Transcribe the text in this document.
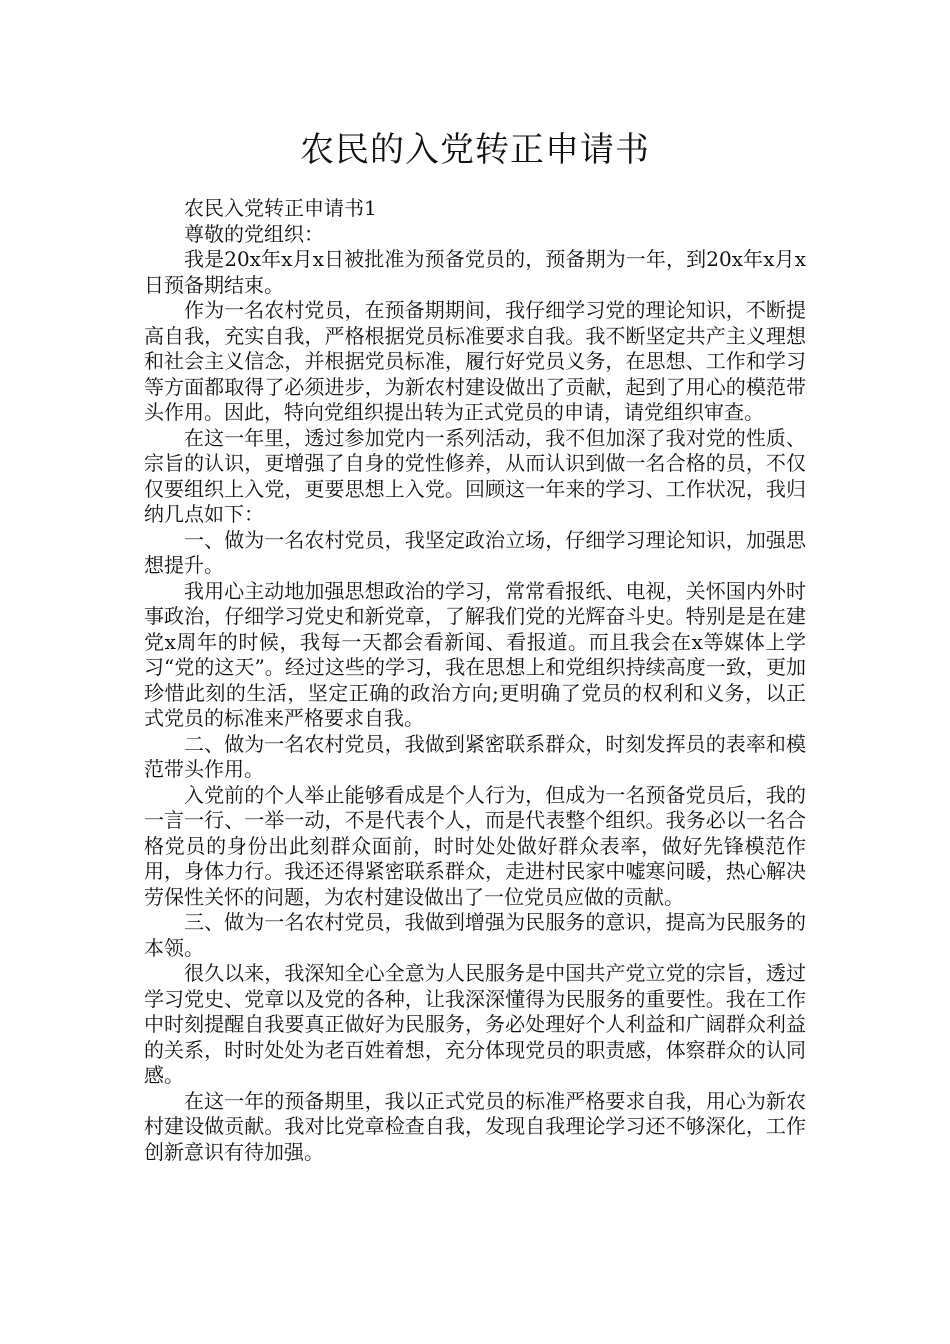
农民的入党转正申请书

农民入党转正申请书1

尊敬的党组织：

我是20x年x月x日被批准为预备党员的，预备期为一年，到20x年x月x日预备期结束。

作为一名农村党员，在预备期期间，我仔细学习党的理论知识，不断提高自我，充实自我，严格根据党员标准要求自我。我不断坚定共产主义理想和社会主义信念，并根据党员标准，履行好党员义务，在思想、工作和学习等方面都取得了必须进步，为新农村建设做出了贡献，起到了用心的模范带头作用。因此，特向党组织提出转为正式党员的申请，请党组织审查。

在这一年里，透过参加党内一系列活动，我不但加深了我对党的性质、宗旨的认识，更增强了自身的党性修养，从而认识到做一名合格的员，不仅仅要组织上入党，更要思想上入党。回顾这一年来的学习、工作状况，我归纳几点如下：

一、做为一名农村党员，我坚定政治立场，仔细学习理论知识，加强思想提升。

我用心主动地加强思想政治的学习，常常看报纸、电视，关怀国内外时事政治，仔细学习党史和新党章，了解我们党的光辉奋斗史。特别是是在建党x周年的时候，我每一天都会看新闻、看报道。而且我会在x等媒体上学习“党的这天”。经过这些的学习，我在思想上和党组织持续高度一致，更加珍惜此刻的生活，坚定正确的政治方向;更明确了党员的权利和义务，以正式党员的标准来严格要求自我。

二、做为一名农村党员，我做到紧密联系群众，时刻发挥员的表率和模范带头作用。

入党前的个人举止能够看成是个人行为，但成为一名预备党员后，我的一言一行、一举一动，不是代表个人，而是代表整个组织。我务必以一名合格党员的身份出此刻群众面前，时时处处做好群众表率，做好先锋模范作用，身体力行。我还还得紧密联系群众，走进村民家中嘘寒问暖，热心解决劳保性关怀的问题，为农村建设做出了一位党员应做的贡献。

三、做为一名农村党员，我做到增强为民服务的意识，提高为民服务的本领。

很久以来，我深知全心全意为人民服务是中国共产党立党的宗旨，透过学习党史、党章以及党的各种，让我深深懂得为民服务的重要性。我在工作中时刻提醒自我要真正做好为民服务，务必处理好个人利益和广阔群众利益的关系，时时处处为老百姓着想，充分体现党员的职责感，体察群众的认同感。

在这一年的预备期里，我以正式党员的标准严格要求自我，用心为新农村建设做贡献。我对比党章检查自我，发现自我理论学习还不够深化，工作创新意识有待加强。
